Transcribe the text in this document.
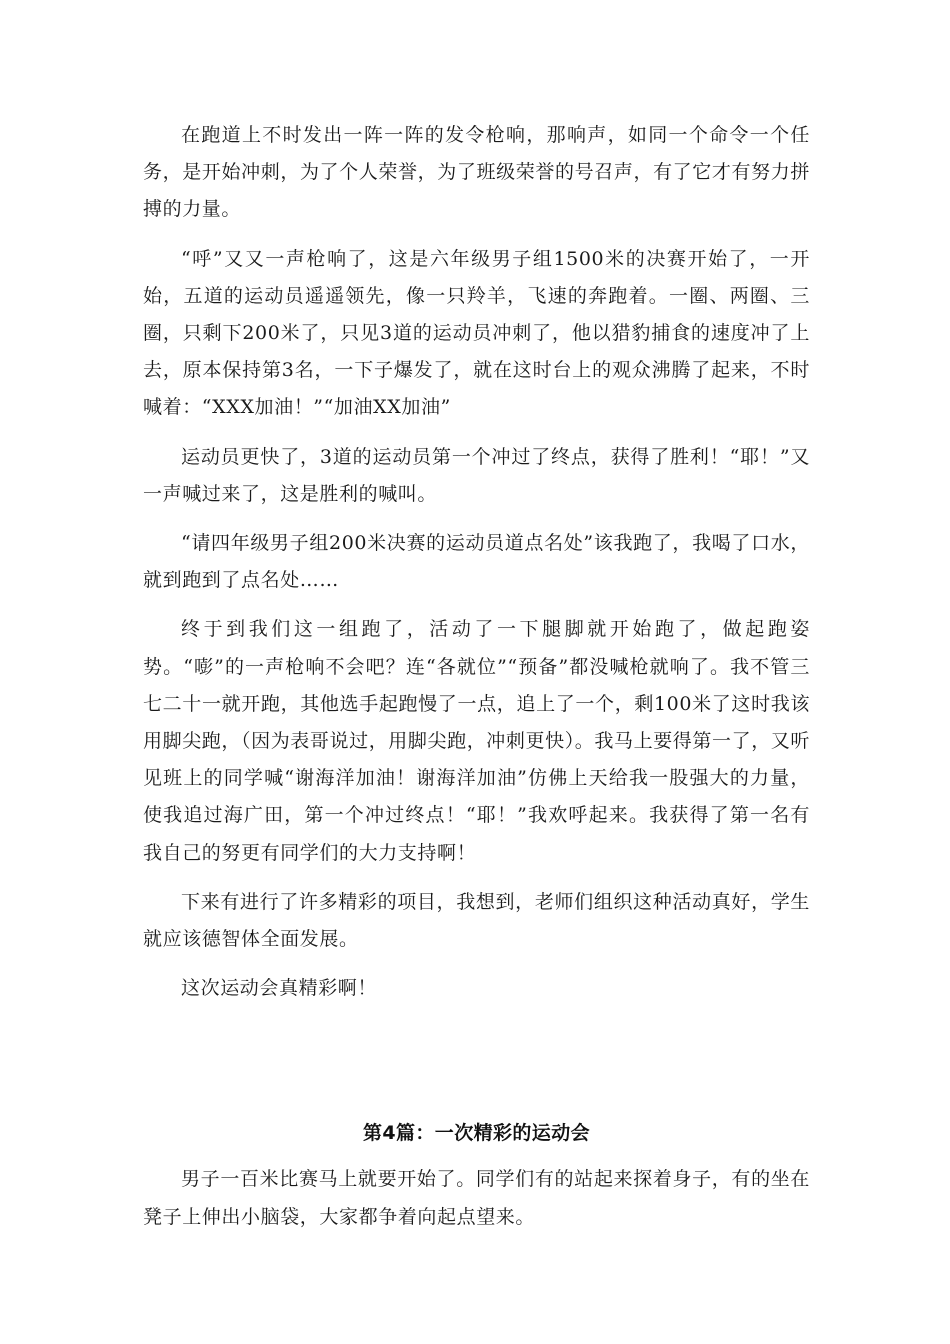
在跑道上不时发出一阵一阵的发令枪响，那响声，如同一个命令一个任务，是开始冲刺，为了个人荣誉，为了班级荣誉的号召声，有了它才有努力拼搏的力量。

“呼”又又一声枪响了，这是六年级男子组1500米的决赛开始了，一开始，五道的运动员遥遥领先，像一只羚羊，飞速的奔跑着。一圈、两圈、三圈，只剩下200米了，只见3道的运动员冲刺了，他以猎豹捕食的速度冲了上去，原本保持第3名，一下子爆发了，就在这时台上的观众沸腾了起来，不时喊着：“XXX加油！”“加油XX加油”

运动员更快了，3道的运动员第一个冲过了终点，获得了胜利！“耶！”又一声喊过来了，这是胜利的喊叫。

“请四年级男子组200米决赛的运动员道点名处”该我跑了，我喝了口水，就到跑到了点名处……

终于到我们这一组跑了，活动了一下腿脚就开始跑了，做起跑姿势。“嘭”的一声枪响不会吧？连“各就位”“预备”都没喊枪就响了。我不管三七二十一就开跑，其他选手起跑慢了一点，追上了一个，剩100米了这时我该用脚尖跑，（因为表哥说过，用脚尖跑，冲刺更快）。我马上要得第一了，又听见班上的同学喊“谢海洋加油！谢海洋加油”仿佛上天给我一股强大的力量，使我追过海广田，第一个冲过终点！“耶！”我欢呼起来。我获得了第一名有我自己的努更有同学们的大力支持啊！

下来有进行了许多精彩的项目，我想到，老师们组织这种活动真好，学生就应该德智体全面发展。

这次运动会真精彩啊！

第4篇：一次精彩的运动会

男子一百米比赛马上就要开始了。同学们有的站起来探着身子，有的坐在凳子上伸出小脑袋，大家都争着向起点望来。
